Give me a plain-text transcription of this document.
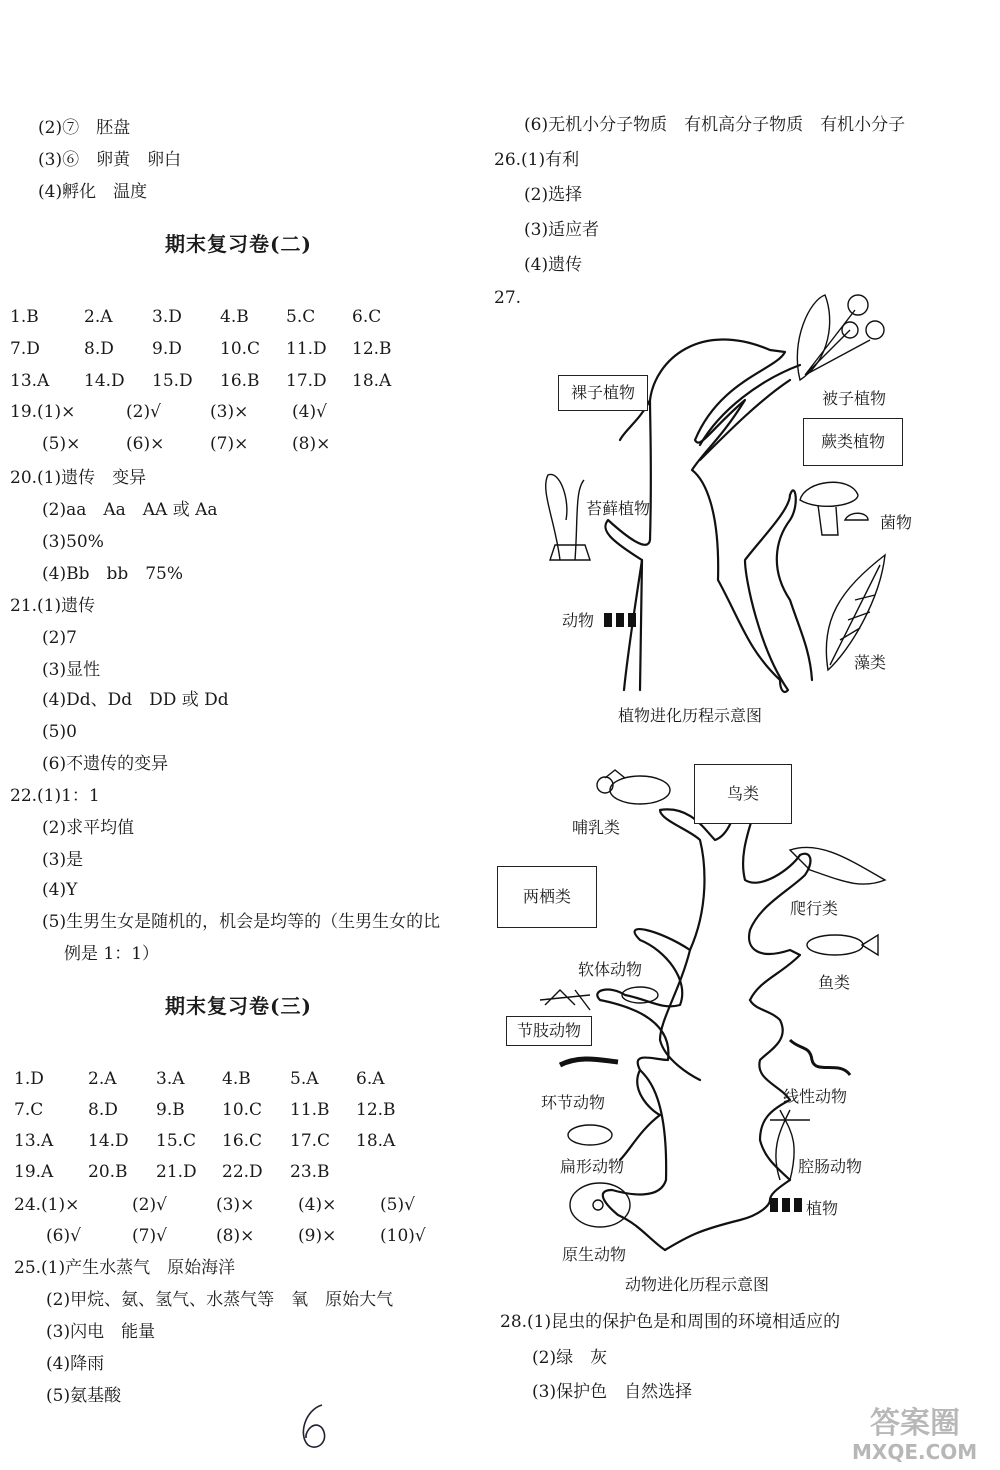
(2)⑦　胚盘
(3)⑥　卵黄　卵白
(4)孵化　温度
期末复习卷(二)
1.B	2.A 3.D 4.B 5.C 6.C
7.D	8.D 9.D 10.C 11.D 12.B
13.A 14.D 15.D 16.B 17.D 18.A
19.(1)×	(2)√	(3)×	(4)√
(5)×	(6)×	(7)×	(8)×
20.(1)遗传　变异
(2)aa　Aa　AA 或 Aa
(3)50%
(4)Bb　bb　75%
21.(1)遗传
(2)7
(3)显性
(4)Dd、Dd　DD 或 Dd
(5)0
(6)不遗传的变异
22.(1)1：1
(2)求平均值
(3)是
(4)Y
(5)生男生女是随机的，机会是均等的（生男生女的比
例是 1：1）
期末复习卷(三)
1.D	2.A 3.A 4.B 5.A 6.A
7.C	8.D 9.B 10.C 11.B 12.B
13.A 14.D 15.C 16.C 17.C 18.A
19.A 20.B 21.D 22.D 23.B
24.(1)×	(2)√	(3)×	(4)×	(5)√
(6)√	(7)√	(8)×	(9)×	(10)√
25.(1)产生水蒸气　原始海洋
(2)甲烷、氨、氢气、水蒸气等　氧　原始大气
(3)闪电　能量
(4)降雨
(5)氨基酸
(6)无机小分子物质　有机高分子物质　有机小分子
26.(1)有利
(2)选择
(3)适应者
(4)遗传
27.
裸子植物	被子植物
蕨类植物
苔藓植物
菌物
动物
藻类
植物进化历程示意图
鸟类
哺乳类
两栖类
爬行类
软体动物
鱼类
节肢动物
线性动物
环节动物
腔肠动物
扁形动物
植物
原生动物
动物进化历程示意图
28.(1)昆虫的保护色是和周围的环境相适应的
(2)绿　灰
(3)保护色　自然选择
答案圈
MXQE.COM
